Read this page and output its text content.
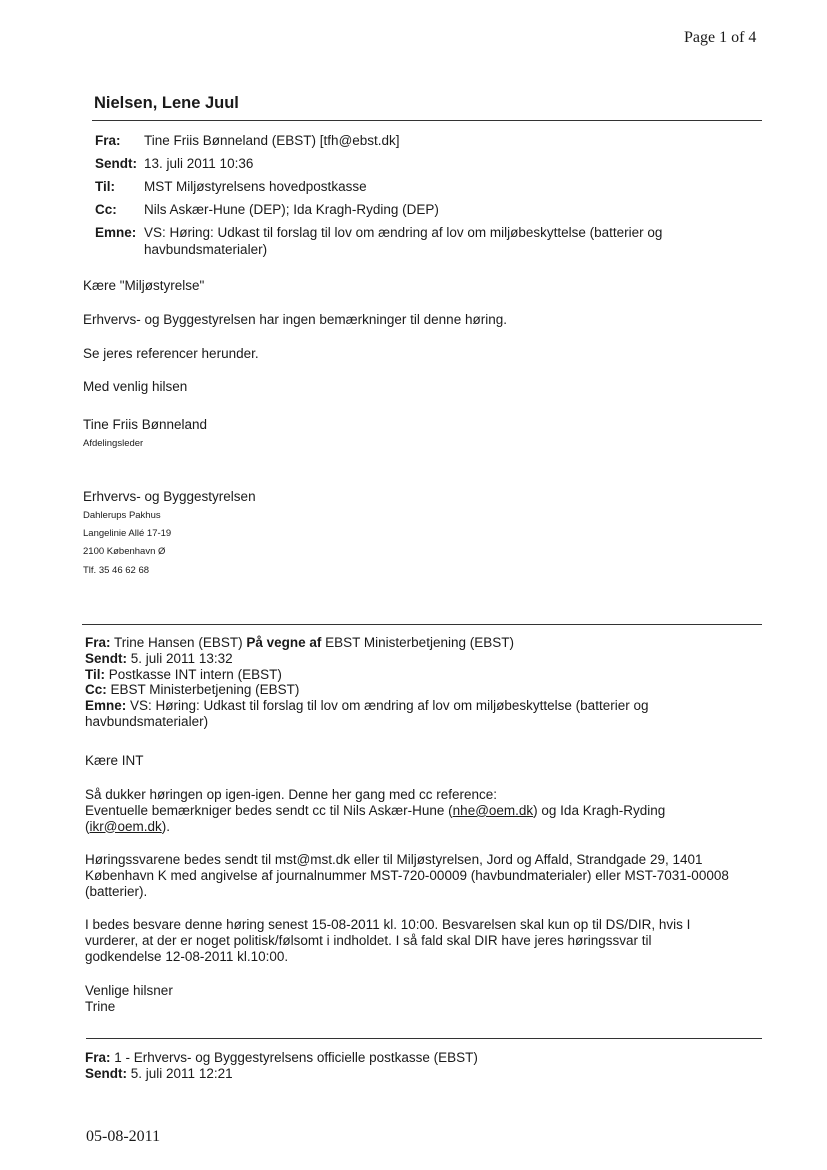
Page 1 of 4
Nielsen, Lene Juul
Fra: Tine Friis Bønneland (EBST) [tfh@ebst.dk]
Sendt: 13. juli 2011 10:36
Til: MST Miljøstyrelsens hovedpostkasse
Cc: Nils Askær-Hune (DEP); Ida Kragh-Ryding (DEP)
Emne: VS: Høring: Udkast til forslag til lov om ændring af lov om miljøbeskyttelse (batterier og
havbundsmaterialer)
Kære "Miljøstyrelse"
Erhvervs- og Byggestyrelsen har ingen bemærkninger til denne høring.
Se jeres referencer herunder.
Med venlig hilsen
Tine Friis Bønneland
Afdelingsleder
Erhvervs- og Byggestyrelsen
Dahlerups Pakhus
Langelinie Allé 17-19
2100 København Ø
Tlf. 35 46 62 68
Fra: Trine Hansen (EBST) På vegne af EBST Ministerbetjening (EBST)
Sendt: 5. juli 2011 13:32
Til: Postkasse INT intern (EBST)
Cc: EBST Ministerbetjening (EBST)
Emne: VS: Høring: Udkast til forslag til lov om ændring af lov om miljøbeskyttelse (batterier og
havbundsmaterialer)
Kære INT
Så dukker høringen op igen-igen. Denne her gang med cc reference:
Eventuelle bemærkniger bedes sendt cc til Nils Askær-Hune (nhe@oem.dk) og Ida Kragh-Ryding
(ikr@oem.dk).
Høringssvarene bedes sendt til mst@mst.dk eller til Miljøstyrelsen, Jord og Affald, Strandgade 29, 1401
København K med angivelse af journalnummer MST-720-00009 (havbundmaterialer) eller MST-7031-00008
(batterier).
I bedes besvare denne høring senest 15-08-2011 kl. 10:00. Besvarelsen skal kun op til DS/DIR, hvis I
vurderer, at der er noget politisk/følsomt i indholdet. I så fald skal DIR have jeres høringssvar til
godkendelse 12-08-2011 kl.10:00.
Venlige hilsner
Trine
Fra: 1 - Erhvervs- og Byggestyrelsens officielle postkasse (EBST)
Sendt: 5. juli 2011 12:21
05-08-2011
